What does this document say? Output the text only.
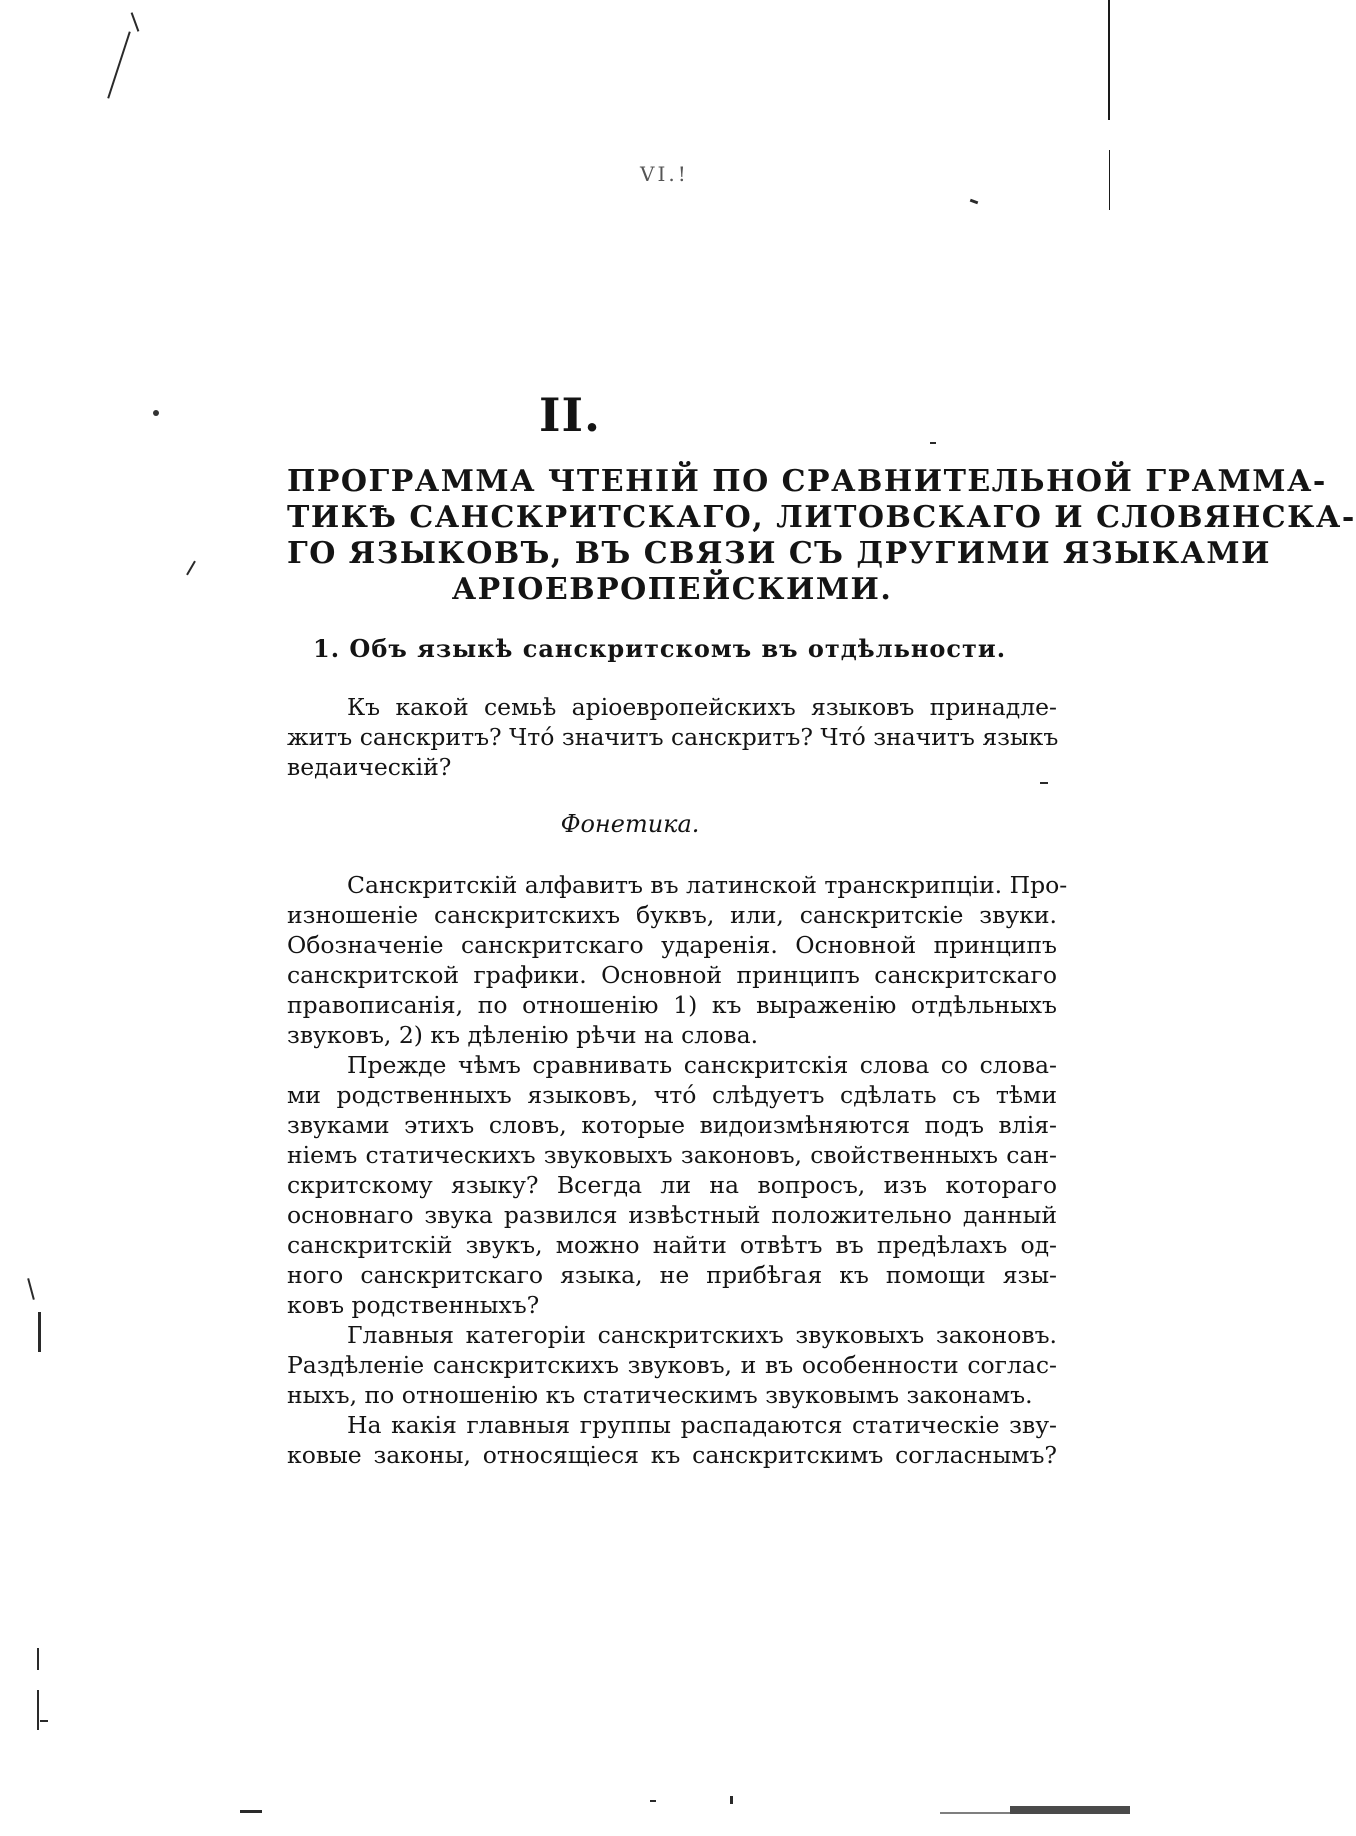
VI.!
II.
ПРОГРАММА ЧТЕНІЙ ПО СРАВНИТЕЛЬНОЙ ГРАММА-
ТИКѢ САНСКРИТСКАГО, ЛИТОВСКАГО И СЛОВЯНСКА-
ГО ЯЗЫКОВЪ, ВЪ СВЯЗИ СЪ ДРУГИМИ ЯЗЫКАМИ
АРІОЕВРОПЕЙСКИМИ.
1. Объ языкѣ санскритскомъ въ отдѣльности.
Къ какой семьѣ аріоевропейскихъ языковъ принадле-
житъ санскритъ? Чтó значитъ санскритъ? Чтó значитъ языкъ
ведаическій?
Фонетика.
Санскритскій алфавитъ въ латинской транскрипціи. Про-
изношеніе санскритскихъ буквъ, или, санскритскіе звуки.
Обозначеніе санскритскаго ударенія. Основной принципъ
санскритской графики. Основной принципъ санскритскаго
правописанія, по отношенію 1) къ выраженію отдѣльныхъ
звуковъ, 2) къ дѣленію рѣчи на слова.
Прежде чѣмъ сравнивать санскритскія слова со слова-
ми родственныхъ языковъ, чтó слѣдуетъ сдѣлать съ тѣми
звуками этихъ словъ, которые видоизмѣняются подъ влія-
ніемъ статическихъ звуковыхъ законовъ, свойственныхъ сан-
скритскому языку? Всегда ли на вопросъ, изъ котораго
основнаго звука развился извѣстный положительно данный
санскритскій звукъ, можно найти отвѣтъ въ предѣлахъ од-
ного санскритскаго языка, не прибѣгая къ помощи язы-
ковъ родственныхъ?
Главныя категоріи санскритскихъ звуковыхъ законовъ.
Раздѣленіе санскритскихъ звуковъ, и въ особенности соглас-
ныхъ, по отношенію къ статическимъ звуковымъ законамъ.
На какія главныя группы распадаются статическіе зву-
ковые законы, относящіеся къ санскритскимъ согласнымъ?
